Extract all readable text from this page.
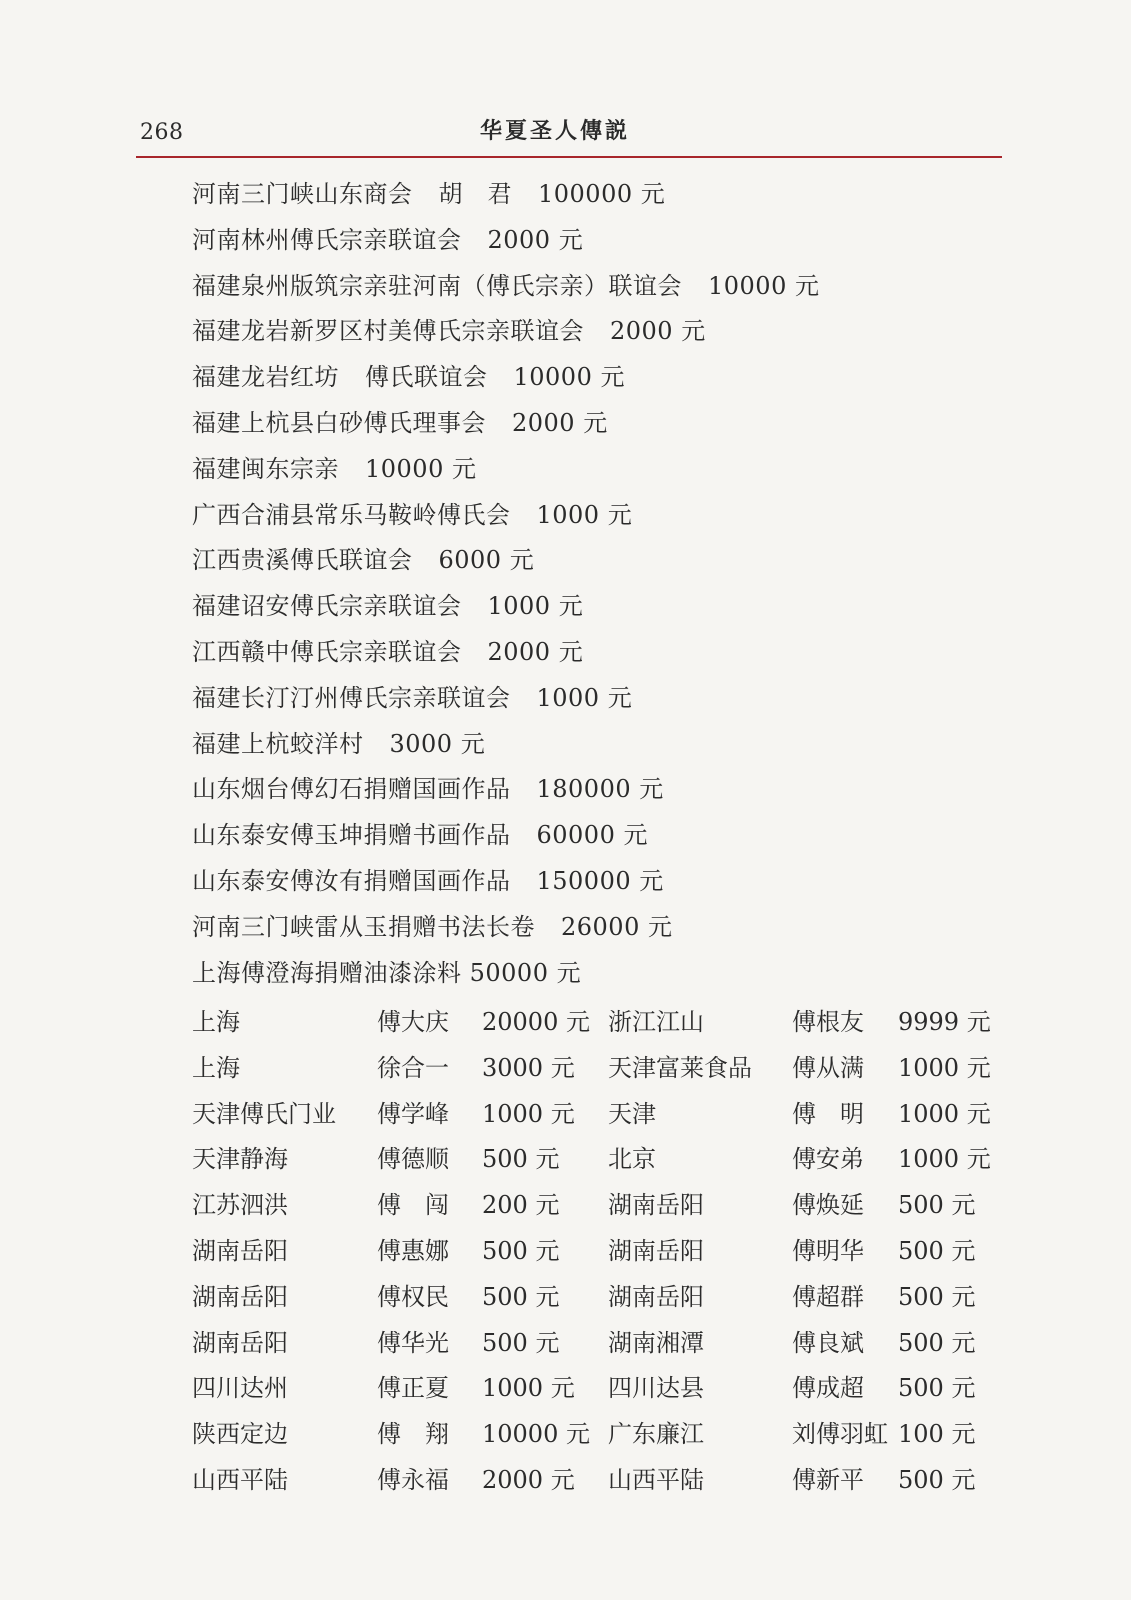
268	华夏圣人傳説
河南三门峡山东商会 胡　君 100000 元
河南林州傅氏宗亲联谊会 2000 元
福建泉州版筑宗亲驻河南（傅氏宗亲）联谊会 10000 元
福建龙岩新罗区村美傅氏宗亲联谊会 2000 元
福建龙岩红坊 傅氏联谊会 10000 元
福建上杭县白砂傅氏理事会 2000 元
福建闽东宗亲 10000 元
广西合浦县常乐马鞍岭傅氏会 1000 元
江西贵溪傅氏联谊会 6000 元
福建诏安傅氏宗亲联谊会 1000 元
江西赣中傅氏宗亲联谊会 2000 元
福建长汀汀州傅氏宗亲联谊会 1000 元
福建上杭蛟洋村 3000 元
山东烟台傅幻石捐赠国画作品 180000 元
山东泰安傅玉坤捐赠书画作品 60000 元
山东泰安傅汝有捐赠国画作品 150000 元
河南三门峡雷从玉捐赠书法长卷 26000 元
上海傅澄海捐赠油漆涂料 50000 元
上海	傅大庆 20000 元 浙江江山	傅根友 9999 元
上海	徐合一 3000 元 天津富莱食品 傅从满 1000 元
天津傅氏门业 傅学峰 1000 元 天津	傅　明 1000 元
天津静海	傅德顺 500 元 北京	傅安弟 1000 元
江苏泗洪	傅　闯 200 元 湖南岳阳	傅焕延 500 元
湖南岳阳	傅惠娜 500 元 湖南岳阳	傅明华 500 元
湖南岳阳	傅权民 500 元 湖南岳阳	傅超群 500 元
湖南岳阳	傅华光 500 元 湖南湘潭	傅良斌 500 元
四川达州	傅正夏 1000 元 四川达县	傅成超 500 元
陕西定边	傅　翔 10000 元 广东廉江	刘傅羽虹 100 元
山西平陆	傅永福 2000 元 山西平陆	傅新平 500 元
